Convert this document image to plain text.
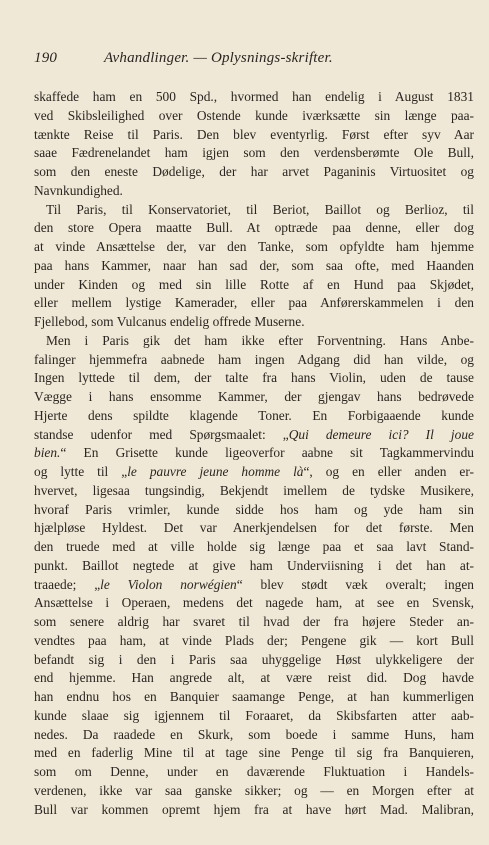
190	Avhandlinger. — Oplysnings-skrifter.
skaffede ham en 500 Spd., hvormed han endelig i August 1831
ved Skibsleilighed over Ostende kunde iværksætte sin længe paa-
tænkte Reise til Paris. Den blev eventyrlig. Først efter syv Aar
saae Fædrenelandet ham igjen som den verdensberømte Ole Bull,
som den eneste Dødelige, der har arvet Paganinis Virtuositet og
Navnkundighed.
Til Paris, til Konservatoriet, til Beriot, Baillot og Berlioz, til
den store Opera maatte Bull. At optræde paa denne, eller dog
at vinde Ansættelse der, var den Tanke, som opfyldte ham hjemme
paa hans Kammer, naar han sad der, som saa ofte, med Haanden
under Kinden og med sin lille Rotte af en Hund paa Skjødet,
eller mellem lystige Kamerader, eller paa Anførerskammelen i den
Fjellebod, som Vulcanus endelig offrede Muserne.
Men i Paris gik det ham ikke efter Forventning. Hans Anbe-
falinger hjemmefra aabnede ham ingen Adgang did han vilde, og
Ingen lyttede til dem, der talte fra hans Violin, uden de tause
Vægge i hans ensomme Kammer, der gjengav hans bedrøvede
Hjerte dens spildte klagende Toner. En Forbigaaende kunde
standse udenfor med Spørgsmaalet: „Qui demeure ici? Il joue
bien.“ En Grisette kunde ligeoverfor aabne sit Tagkammervindu
og lytte til „le pauvre jeune homme là“, og en eller anden er-
hvervet, ligesaa tungsindig, Bekjendt imellem de tydske Musikere,
hvoraf Paris vrimler, kunde sidde hos ham og yde ham sin
hjælpløse Hyldest. Det var Anerkjendelsen for det første. Men
den truede med at ville holde sig længe paa et saa lavt Stand-
punkt. Baillot negtede at give ham Underviisning i det han at-
traaede; „le Violon norwégien“ blev stødt væk overalt; ingen
Ansættelse i Operaen, medens det nagede ham, at see en Svensk,
som senere aldrig har svaret til hvad der fra højere Steder an-
vendtes paa ham, at vinde Plads der; Pengene gik — kort Bull
befandt sig i den i Paris saa uhyggelige Høst ulykkeligere der
end hjemme. Han angrede alt, at være reist did. Dog havde
han endnu hos en Banquier saamange Penge, at han kummerligen
kunde slaae sig igjennem til Foraaret, da Skibsfarten atter aab-
nedes. Da raadede en Skurk, som boede i samme Huns, ham
med en faderlig Mine til at tage sine Penge til sig fra Banquieren,
som om Denne, under en daværende Fluktuation i Handels-
verdenen, ikke var saa ganske sikker; og — en Morgen efter at
Bull var kommen opremt hjem fra at have hørt Mad. Malibran,
